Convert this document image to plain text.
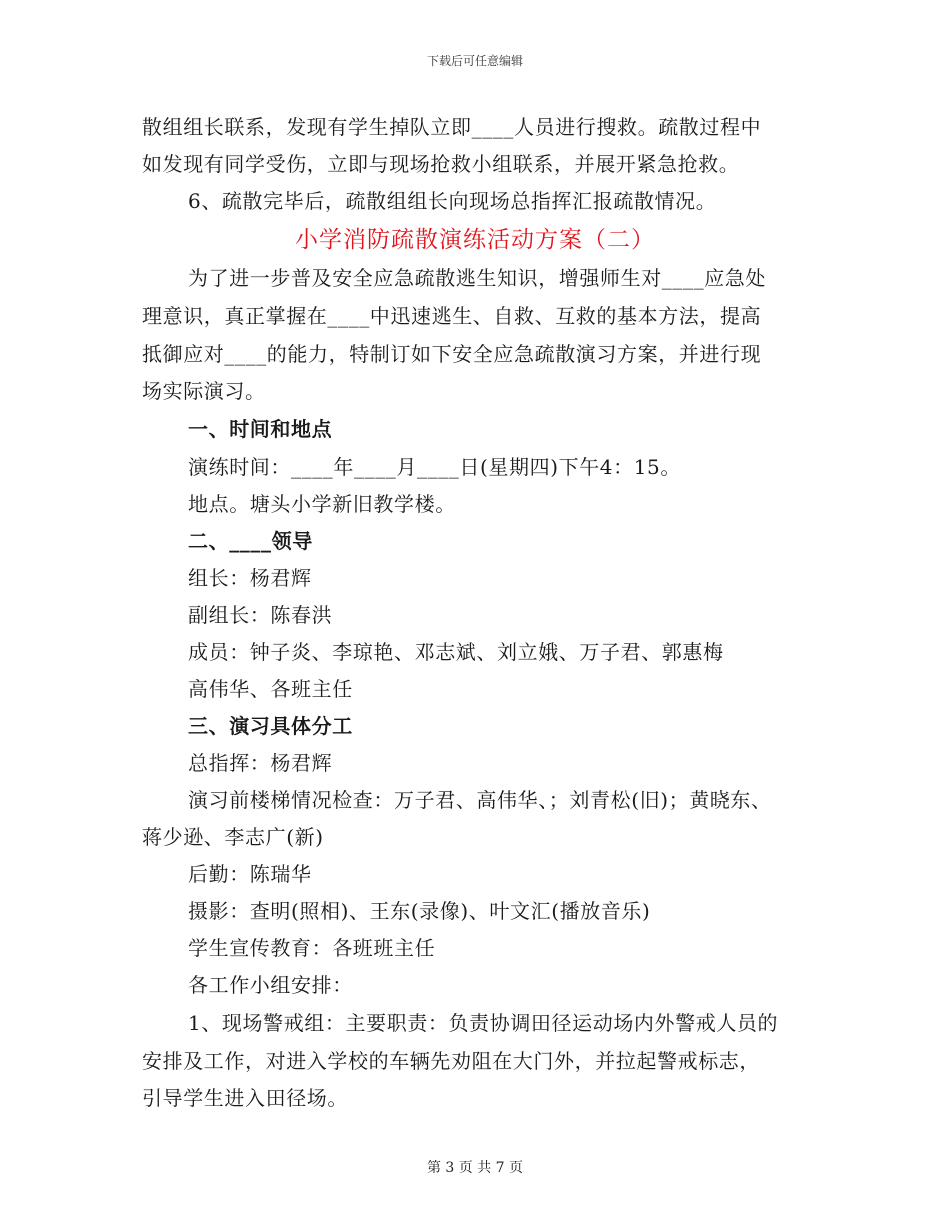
下载后可任意编辑
散组组长联系，发现有学生掉队立即____人员进行搜救。疏散过程中
如发现有同学受伤，立即与现场抢救小组联系，并展开紧急抢救。
6、疏散完毕后，疏散组组长向现场总指挥汇报疏散情况。
小学消防疏散演练活动方案（二）
为了进一步普及安全应急疏散逃生知识，增强师生对____应急处
理意识，真正掌握在____中迅速逃生、自救、互救的基本方法，提高
抵御应对____的能力，特制订如下安全应急疏散演习方案，并进行现
场实际演习。
一、时间和地点
演练时间：____年____月____日(星期四)下午4：15。
地点。塘头小学新旧教学楼。
二、____领导
组长：杨君辉
副组长：陈春洪
成员：钟子炎、李琼艳、邓志斌、刘立娥、万子君、郭惠梅
高伟华、各班主任
三、演习具体分工
总指挥：杨君辉
演习前楼梯情况检查：万子君、高伟华、；刘青松(旧)；黄晓东、
蒋少逊、李志广(新)
后勤：陈瑞华
摄影：查明(照相)、王东(录像)、叶文汇(播放音乐)
学生宣传教育：各班班主任
各工作小组安排：
1、现场警戒组：主要职责：负责协调田径运动场内外警戒人员的
安排及工作，对进入学校的车辆先劝阻在大门外，并拉起警戒标志，
引导学生进入田径场。
第 3 页 共 7 页
